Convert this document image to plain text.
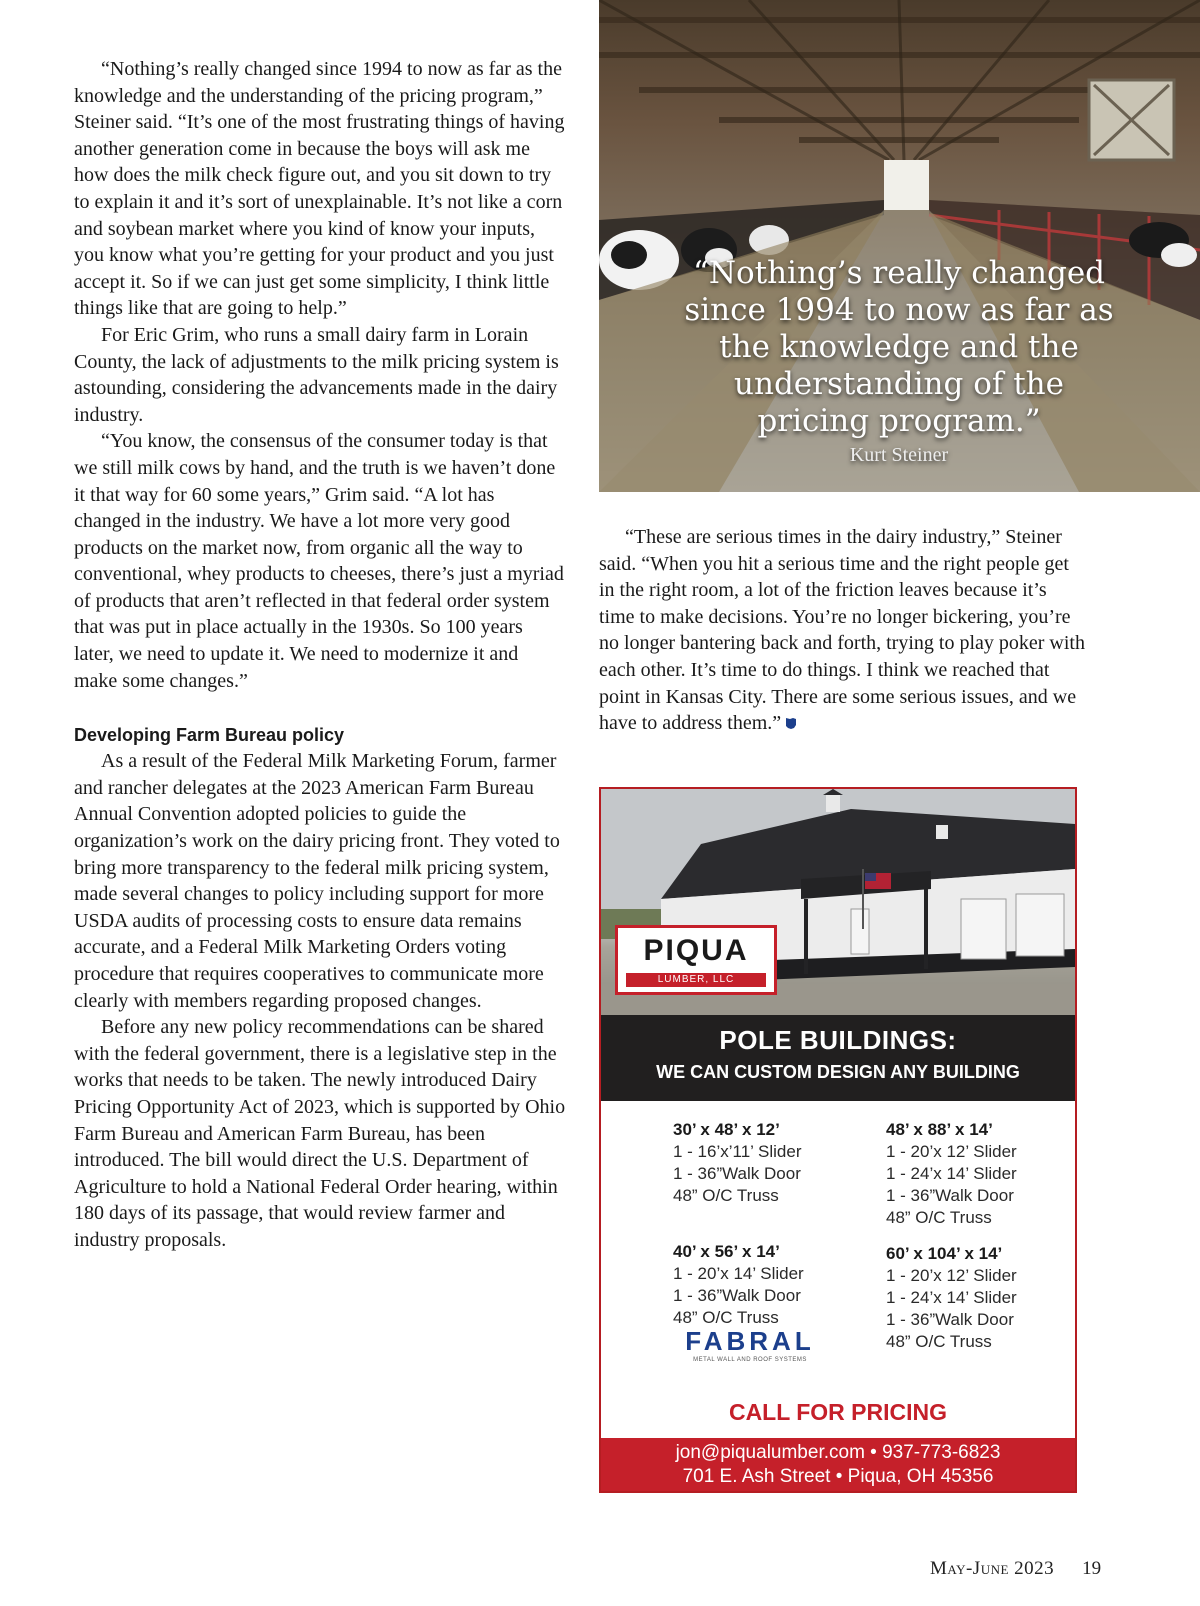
“Nothing’s really changed since 1994 to now as far as the knowledge and the understanding of the pricing program,” Steiner said. “It’s one of the most frustrating things of having another generation come in because the boys will ask me how does the milk check figure out, and you sit down to try to explain it and it’s sort of unexplainable. It’s not like a corn and soybean market where you kind of know your inputs, you know what you’re getting for your product and you just accept it. So if we can just get some simplicity, I think little things like that are going to help.”

For Eric Grim, who runs a small dairy farm in Lorain County, the lack of adjustments to the milk pricing system is astounding, considering the advancements made in the dairy industry.

“You know, the consensus of the consumer today is that we still milk cows by hand, and the truth is we haven’t done it that way for 60 some years,” Grim said. “A lot has changed in the industry. We have a lot more very good products on the market now, from organic all the way to conventional, whey products to cheeses, there’s just a myriad of products that aren’t reflected in that federal order system that was put in place actually in the 1930s. So 100 years later, we need to update it. We need to modernize it and make some changes.”

Developing Farm Bureau policy

As a result of the Federal Milk Marketing Forum, farmer and rancher delegates at the 2023 American Farm Bureau Annual Convention adopted policies to guide the organization’s work on the dairy pricing front. They voted to bring more transparency to the federal milk pricing system, made several changes to policy including support for more USDA audits of processing costs to ensure data remains accurate, and a Federal Milk Marketing Orders voting procedure that requires cooperatives to communicate more clearly with members regarding proposed changes.

Before any new policy recommendations can be shared with the federal government, there is a legislative step in the works that needs to be taken. The newly introduced Dairy Pricing Opportunity Act of 2023, which is supported by Ohio Farm Bureau and American Farm Bureau, has been introduced. The bill would direct the U.S. Department of Agriculture to hold a National Federal Order hearing, within 180 days of its passage, that would review farmer and industry proposals.

“Nothing’s really changed since 1994 to now as far as the knowledge and the understanding of the pricing program.”
Kurt Steiner

“These are serious times in the dairy industry,” Steiner said. “When you hit a serious time and the right people get in the right room, a lot of the friction leaves because it’s time to make decisions. You’re no longer bickering, you’re no longer bantering back and forth, trying to play poker with each other. It’s time to do things. I think we reached that point in Kansas City. There are some serious issues, and we have to address them.”

PIQUA
LUMBER, LLC
POLE BUILDINGS:
WE CAN CUSTOM DESIGN ANY BUILDING
30’ x 48’ x 12’
1 - 16’x’11’ Slider
1 - 36”Walk Door
48” O/C Truss
40’ x 56’ x 14’
1 - 20’x 14’ Slider
1 - 36”Walk Door
48” O/C Truss
48’ x 88’ x 14’
1 - 20’x 12’ Slider
1 - 24’x 14’ Slider
1 - 36”Walk Door
48” O/C Truss
60’ x 104’ x 14’
1 - 20’x 12’ Slider
1 - 24’x 14’ Slider
1 - 36”Walk Door
48” O/C Truss
FABRAL
METAL WALL AND ROOF SYSTEMS
CALL FOR PRICING
jon@piqualumber.com • 937-773-6823
701 E. Ash Street • Piqua, OH 45356
May-June 2023 19
